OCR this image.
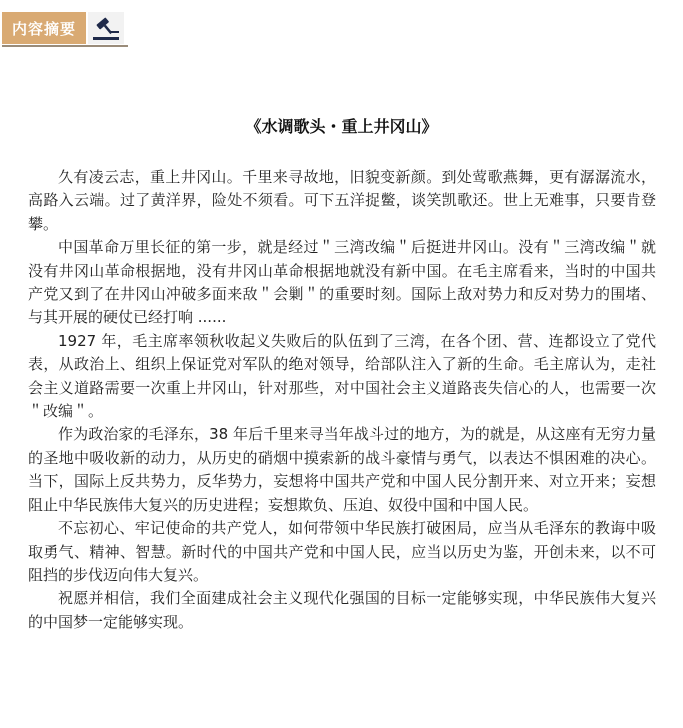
内容摘要
《水调歌头・重上井冈山》

久有凌云志，重上井冈山。千里来寻故地，旧貌变新颜。到处莺歌燕舞，更有潺潺流水，高路入云端。过了黄洋界，险处不须看。可下五洋捉鳖，谈笑凯歌还。世上无难事，只要肯登攀。

中国革命万里长征的第一步，就是经过＂三湾改编＂后挺进井冈山。没有＂三湾改编＂就没有井冈山革命根据地，没有井冈山革命根据地就没有新中国。在毛主席看来，当时的中国共产党又到了在井冈山冲破多面来敌＂会剿＂的重要时刻。国际上敌对势力和反对势力的围堵、与其开展的硬仗已经打响 ......

1927 年，毛主席率领秋收起义失败后的队伍到了三湾，在各个团、营、连都设立了党代表，从政治上、组织上保证党对军队的绝对领导，给部队注入了新的生命。毛主席认为，走社会主义道路需要一次重上井冈山，针对那些，对中国社会主义道路丧失信心的人，也需要一次＂改编＂。

作为政治家的毛泽东，38 年后千里来寻当年战斗过的地方，为的就是，从这座有无穷力量的圣地中吸收新的动力，从历史的硝烟中摸索新的战斗豪情与勇气，以表达不惧困难的决心。当下，国际上反共势力，反华势力，妄想将中国共产党和中国人民分割开来、对立开来；妄想阻止中华民族伟大复兴的历史进程；妄想欺负、压迫、奴役中国和中国人民。

不忘初心、牢记使命的共产党人，如何带领中华民族打破困局，应当从毛泽东的教诲中吸取勇气、精神、智慧。新时代的中国共产党和中国人民，应当以历史为鉴，开创未来，以不可阻挡的步伐迈向伟大复兴。

祝愿并相信，我们全面建成社会主义现代化强国的目标一定能够实现，中华民族伟大复兴的中国梦一定能够实现。
